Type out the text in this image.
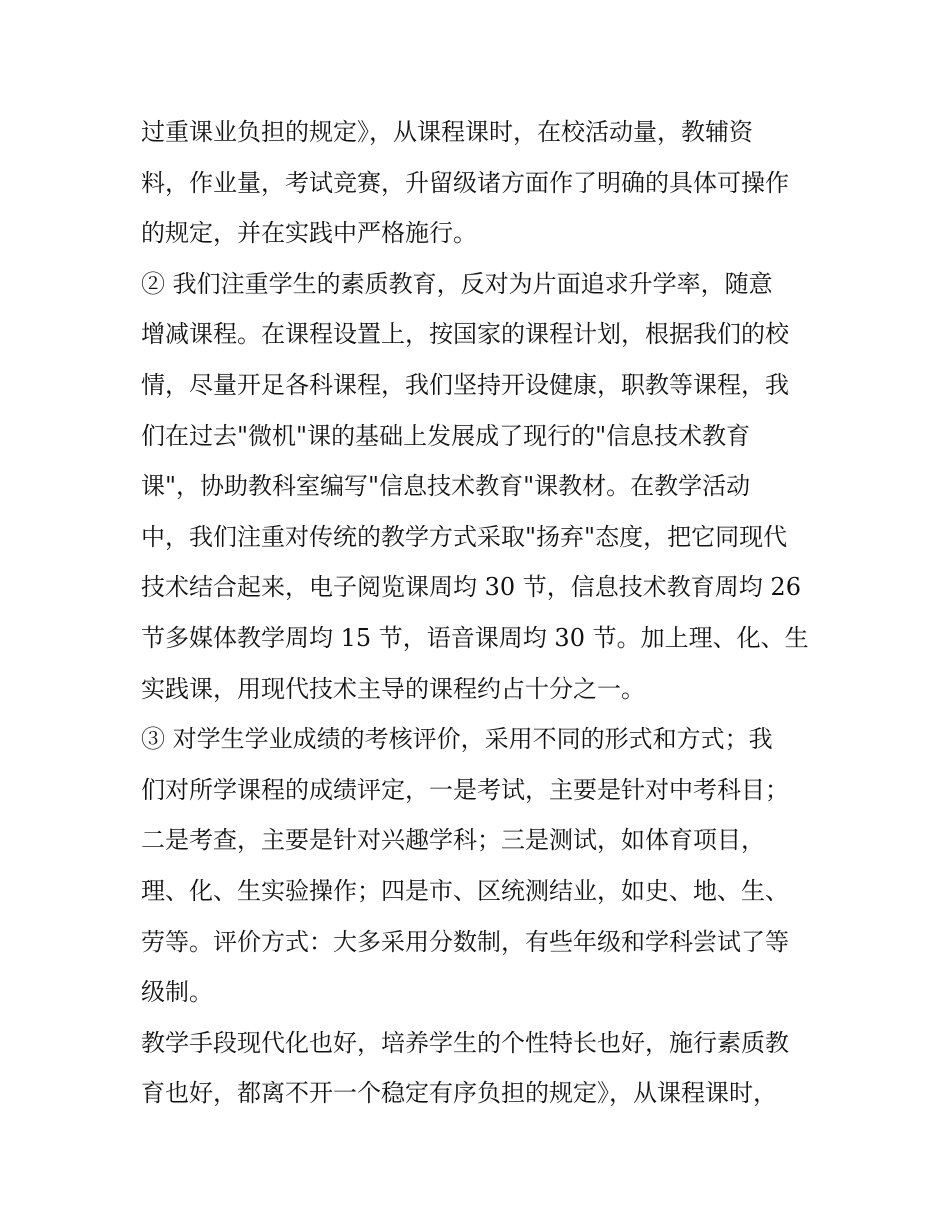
过重课业负担的规定》，从课程课时，在校活动量，教辅资
料，作业量，考试竞赛，升留级诸方面作了明确的具体可操作
的规定，并在实践中严格施行。
② 我们注重学生的素质教育，反对为片面追求升学率，随意
增减课程。在课程设置上，按国家的课程计划，根据我们的校
情，尽量开足各科课程，我们坚持开设健康，职教等课程，我
们在过去"微机"课的基础上发展成了现行的"信息技术教育
课"，协助教科室编写"信息技术教育"课教材。在教学活动
中，我们注重对传统的教学方式采取"扬弃"态度，把它同现代
技术结合起来，电子阅览课周均 30 节，信息技术教育周均 26
节多媒体教学周均 15 节，语音课周均 30 节。加上理、化、生
实践课，用现代技术主导的课程约占十分之一。
③ 对学生学业成绩的考核评价，采用不同的形式和方式；我
们对所学课程的成绩评定，一是考试，主要是针对中考科目；
二是考查，主要是针对兴趣学科；三是测试，如体育项目，
理、化、生实验操作；四是市、区统测结业，如史、地、生、
劳等。评价方式：大多采用分数制，有些年级和学科尝试了等
级制。
教学手段现代化也好，培养学生的个性特长也好，施行素质教
育也好，都离不开一个稳定有序负担的规定》，从课程课时，
